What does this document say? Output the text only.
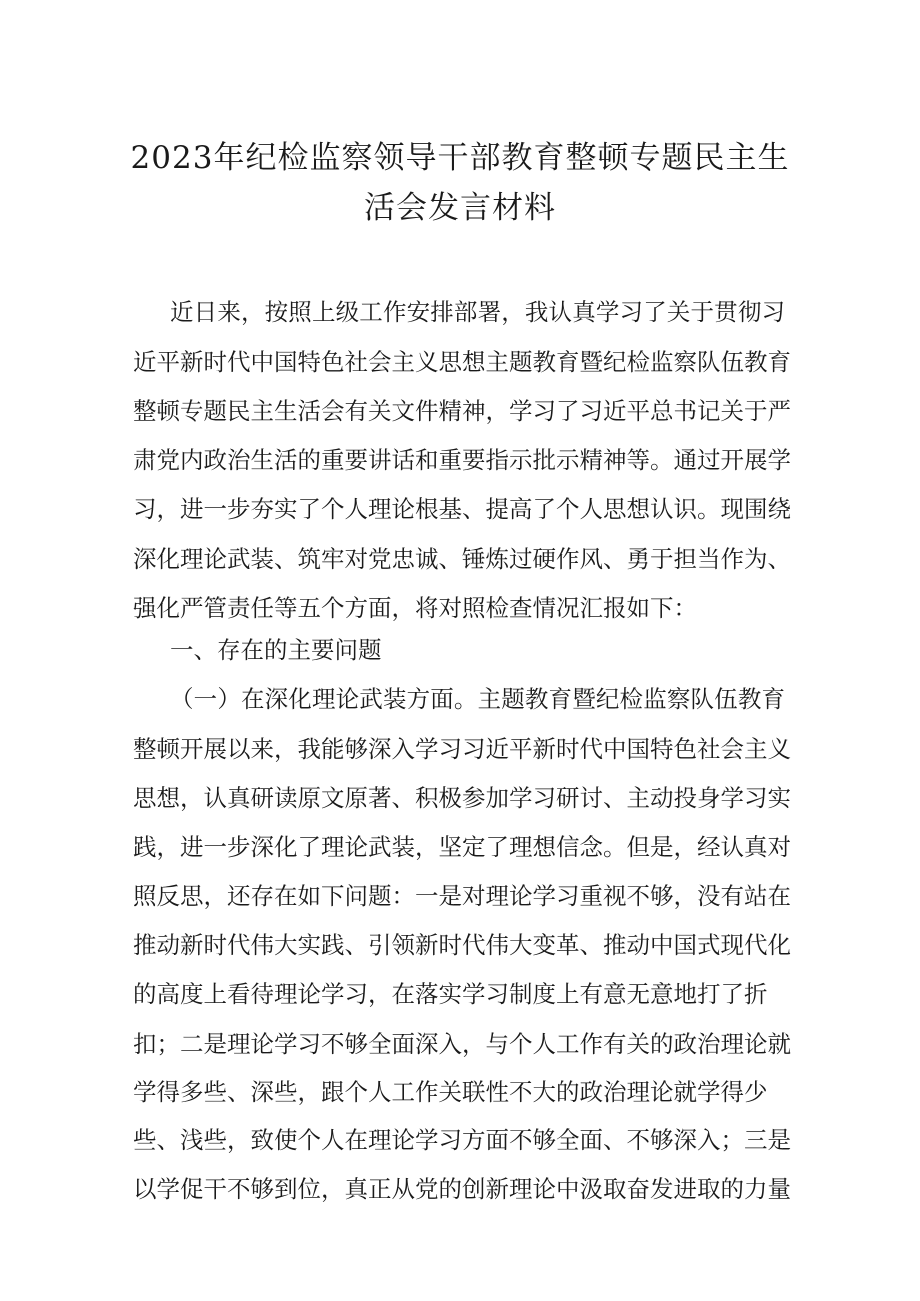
2023年纪检监察领导干部教育整顿专题民主生
活会发言材料

近日来，按照上级工作安排部署，我认真学习了关于贯彻习

近平新时代中国特色社会主义思想主题教育暨纪检监察队伍教育

整顿专题民主生活会有关文件精神，学习了习近平总书记关于严

肃党内政治生活的重要讲话和重要指示批示精神等。通过开展学

习，进一步夯实了个人理论根基、提高了个人思想认识。现围绕

深化理论武装、筑牢对党忠诚、锤炼过硬作风、勇于担当作为、

强化严管责任等五个方面，将对照检查情况汇报如下：

一、存在的主要问题

（一）在深化理论武装方面。主题教育暨纪检监察队伍教育

整顿开展以来，我能够深入学习习近平新时代中国特色社会主义

思想，认真研读原文原著、积极参加学习研讨、主动投身学习实

践，进一步深化了理论武装，坚定了理想信念。但是，经认真对

照反思，还存在如下问题：一是对理论学习重视不够，没有站在

推动新时代伟大实践、引领新时代伟大变革、推动中国式现代化

的高度上看待理论学习，在落实学习制度上有意无意地打了折

扣；二是理论学习不够全面深入，与个人工作有关的政治理论就

学得多些、深些，跟个人工作关联性不大的政治理论就学得少

些、浅些，致使个人在理论学习方面不够全面、不够深入；三是

以学促干不够到位，真正从党的创新理论中汲取奋发进取的力量
